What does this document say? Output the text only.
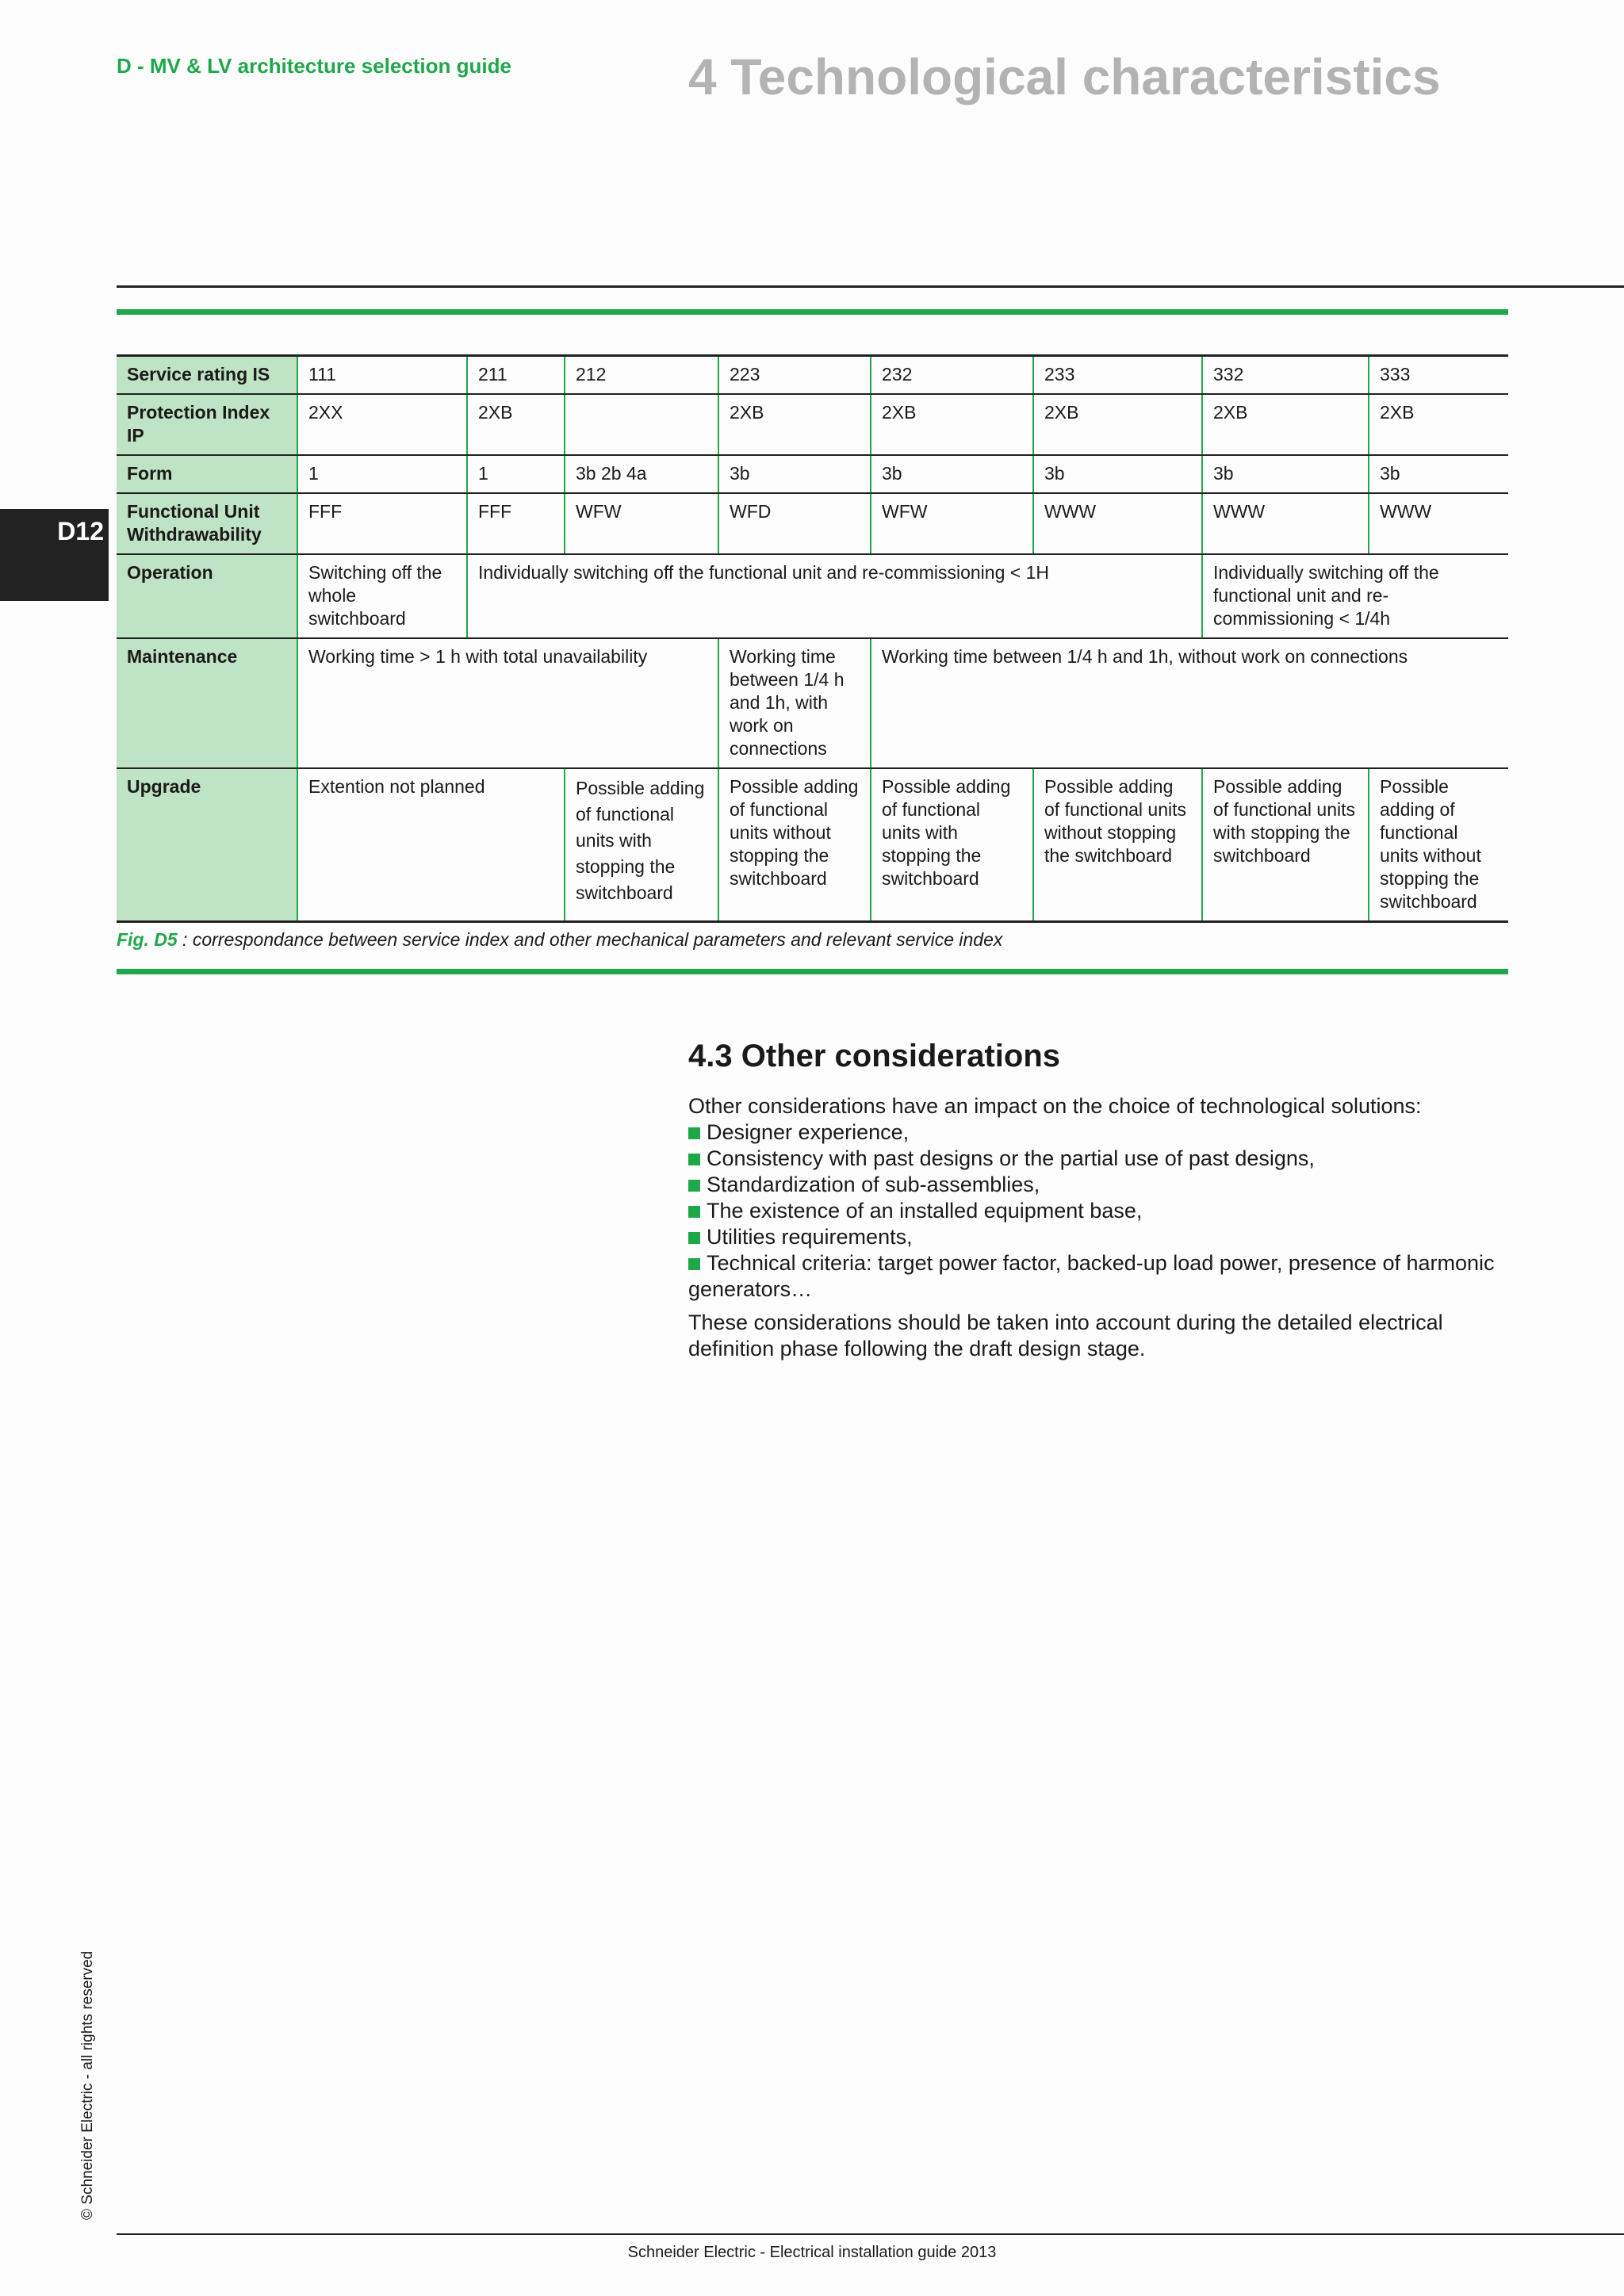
D - MV & LV architecture selection guide	4 Technological characteristics
D12
Service rating IS	111	211	212	223	232	233	332	333
Protection Index IP	2XX	2XB		2XB	2XB	2XB	2XB	2XB
Form	1	1	3b 2b 4a	3b	3b	3b	3b	3b
Functional Unit Withdrawability	FFF	FFF	WFW	WFD	WFW	WWW	WWW	WWW
Operation	Switching off the whole switchboard	Individually switching off the functional unit and re-commissioning < 1H					Individually switching off the functional unit and re-commissioning < 1/4h	
Maintenance	Working time > 1 h with total unavailability			Working time between 1/4 h and 1h, with work on connections	Working time between 1/4 h and 1h, without work on connections			
Upgrade	Extention not planned		Possible adding of functional units with stopping the switchboard	Possible adding of functional units without stopping the switchboard	Possible adding of functional units with stopping the switchboard	Possible adding of functional units without stopping the switchboard	Possible adding of functional units with stopping the switchboard	Possible adding of functional units without stopping the switchboard
Fig. D5 : correspondance between service index and other mechanical parameters and relevant service index
4.3 Other considerations

Other considerations have an impact on the choice of technological solutions:

Designer experience,

Consistency with past designs or the partial use of past designs,

Standardization of sub-assemblies,

The existence of an installed equipment base,

Utilities requirements,

Technical criteria: target power factor, backed-up load power, presence of harmonic generators…

These considerations should be taken into account during the detailed electrical definition phase following the draft design stage.

© Schneider Electric - all rights reserved
Schneider Electric - Electrical installation guide 2013
